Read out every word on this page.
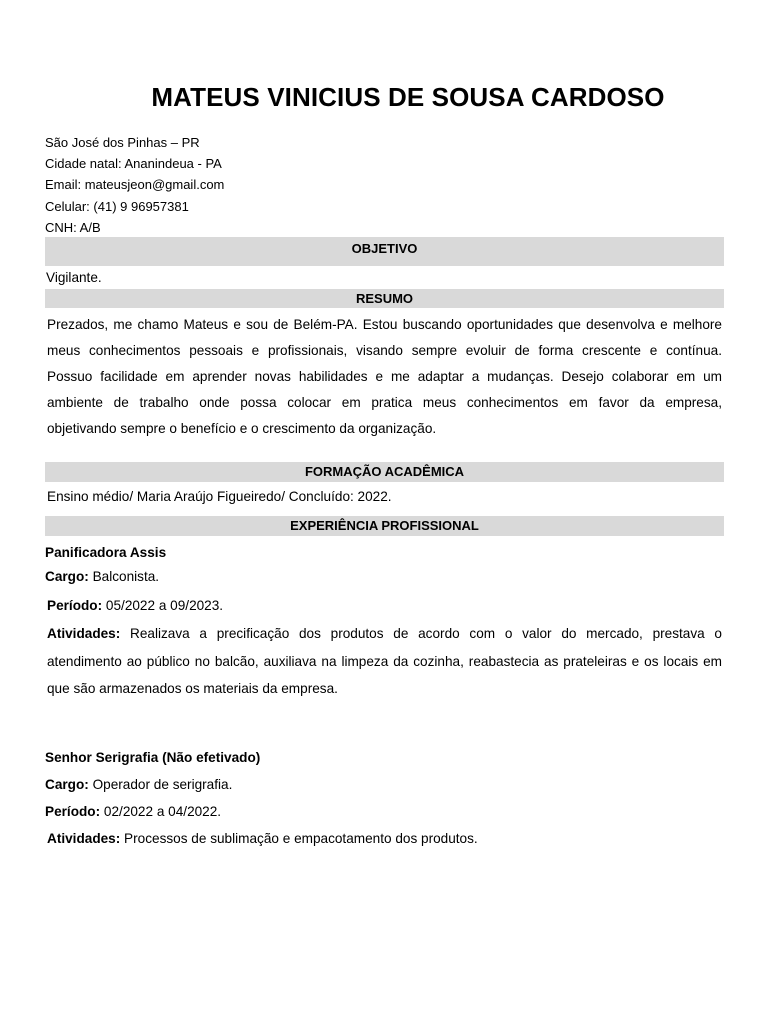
MATEUS VINICIUS DE SOUSA CARDOSO
São José dos Pinhas – PR
Cidade natal: Ananindeua - PA
Email: mateusjeon@gmail.com
Celular: (41) 9 96957381
CNH: A/B
OBJETIVO
Vigilante.
RESUMO
Prezados, me chamo Mateus e sou de Belém-PA. Estou buscando oportunidades que desenvolva e melhore
meus conhecimentos pessoais e profissionais, visando sempre evoluir de forma crescente e contínua.
Possuo facilidade em aprender novas habilidades e me adaptar a mudanças. Desejo colaborar em um
ambiente de trabalho onde possa colocar em pratica meus conhecimentos em favor da empresa,
objetivando sempre o benefício e o crescimento da organização.
FORMAÇÃO ACADÊMICA
Ensino médio/ Maria Araújo Figueiredo/ Concluído: 2022.
EXPERIÊNCIA PROFISSIONAL
Panificadora Assis
Cargo: Balconista.
Período: 05/2022 a 09/2023.
Atividades: Realizava a precificação dos produtos de acordo com o valor do mercado, prestava o
atendimento ao público no balcão, auxiliava na limpeza da cozinha, reabastecia as prateleiras e os locais em
que são armazenados os materiais da empresa.
Senhor Serigrafia (Não efetivado)
Cargo: Operador de serigrafia.
Período: 02/2022 a 04/2022.
Atividades: Processos de sublimação e empacotamento dos produtos.
